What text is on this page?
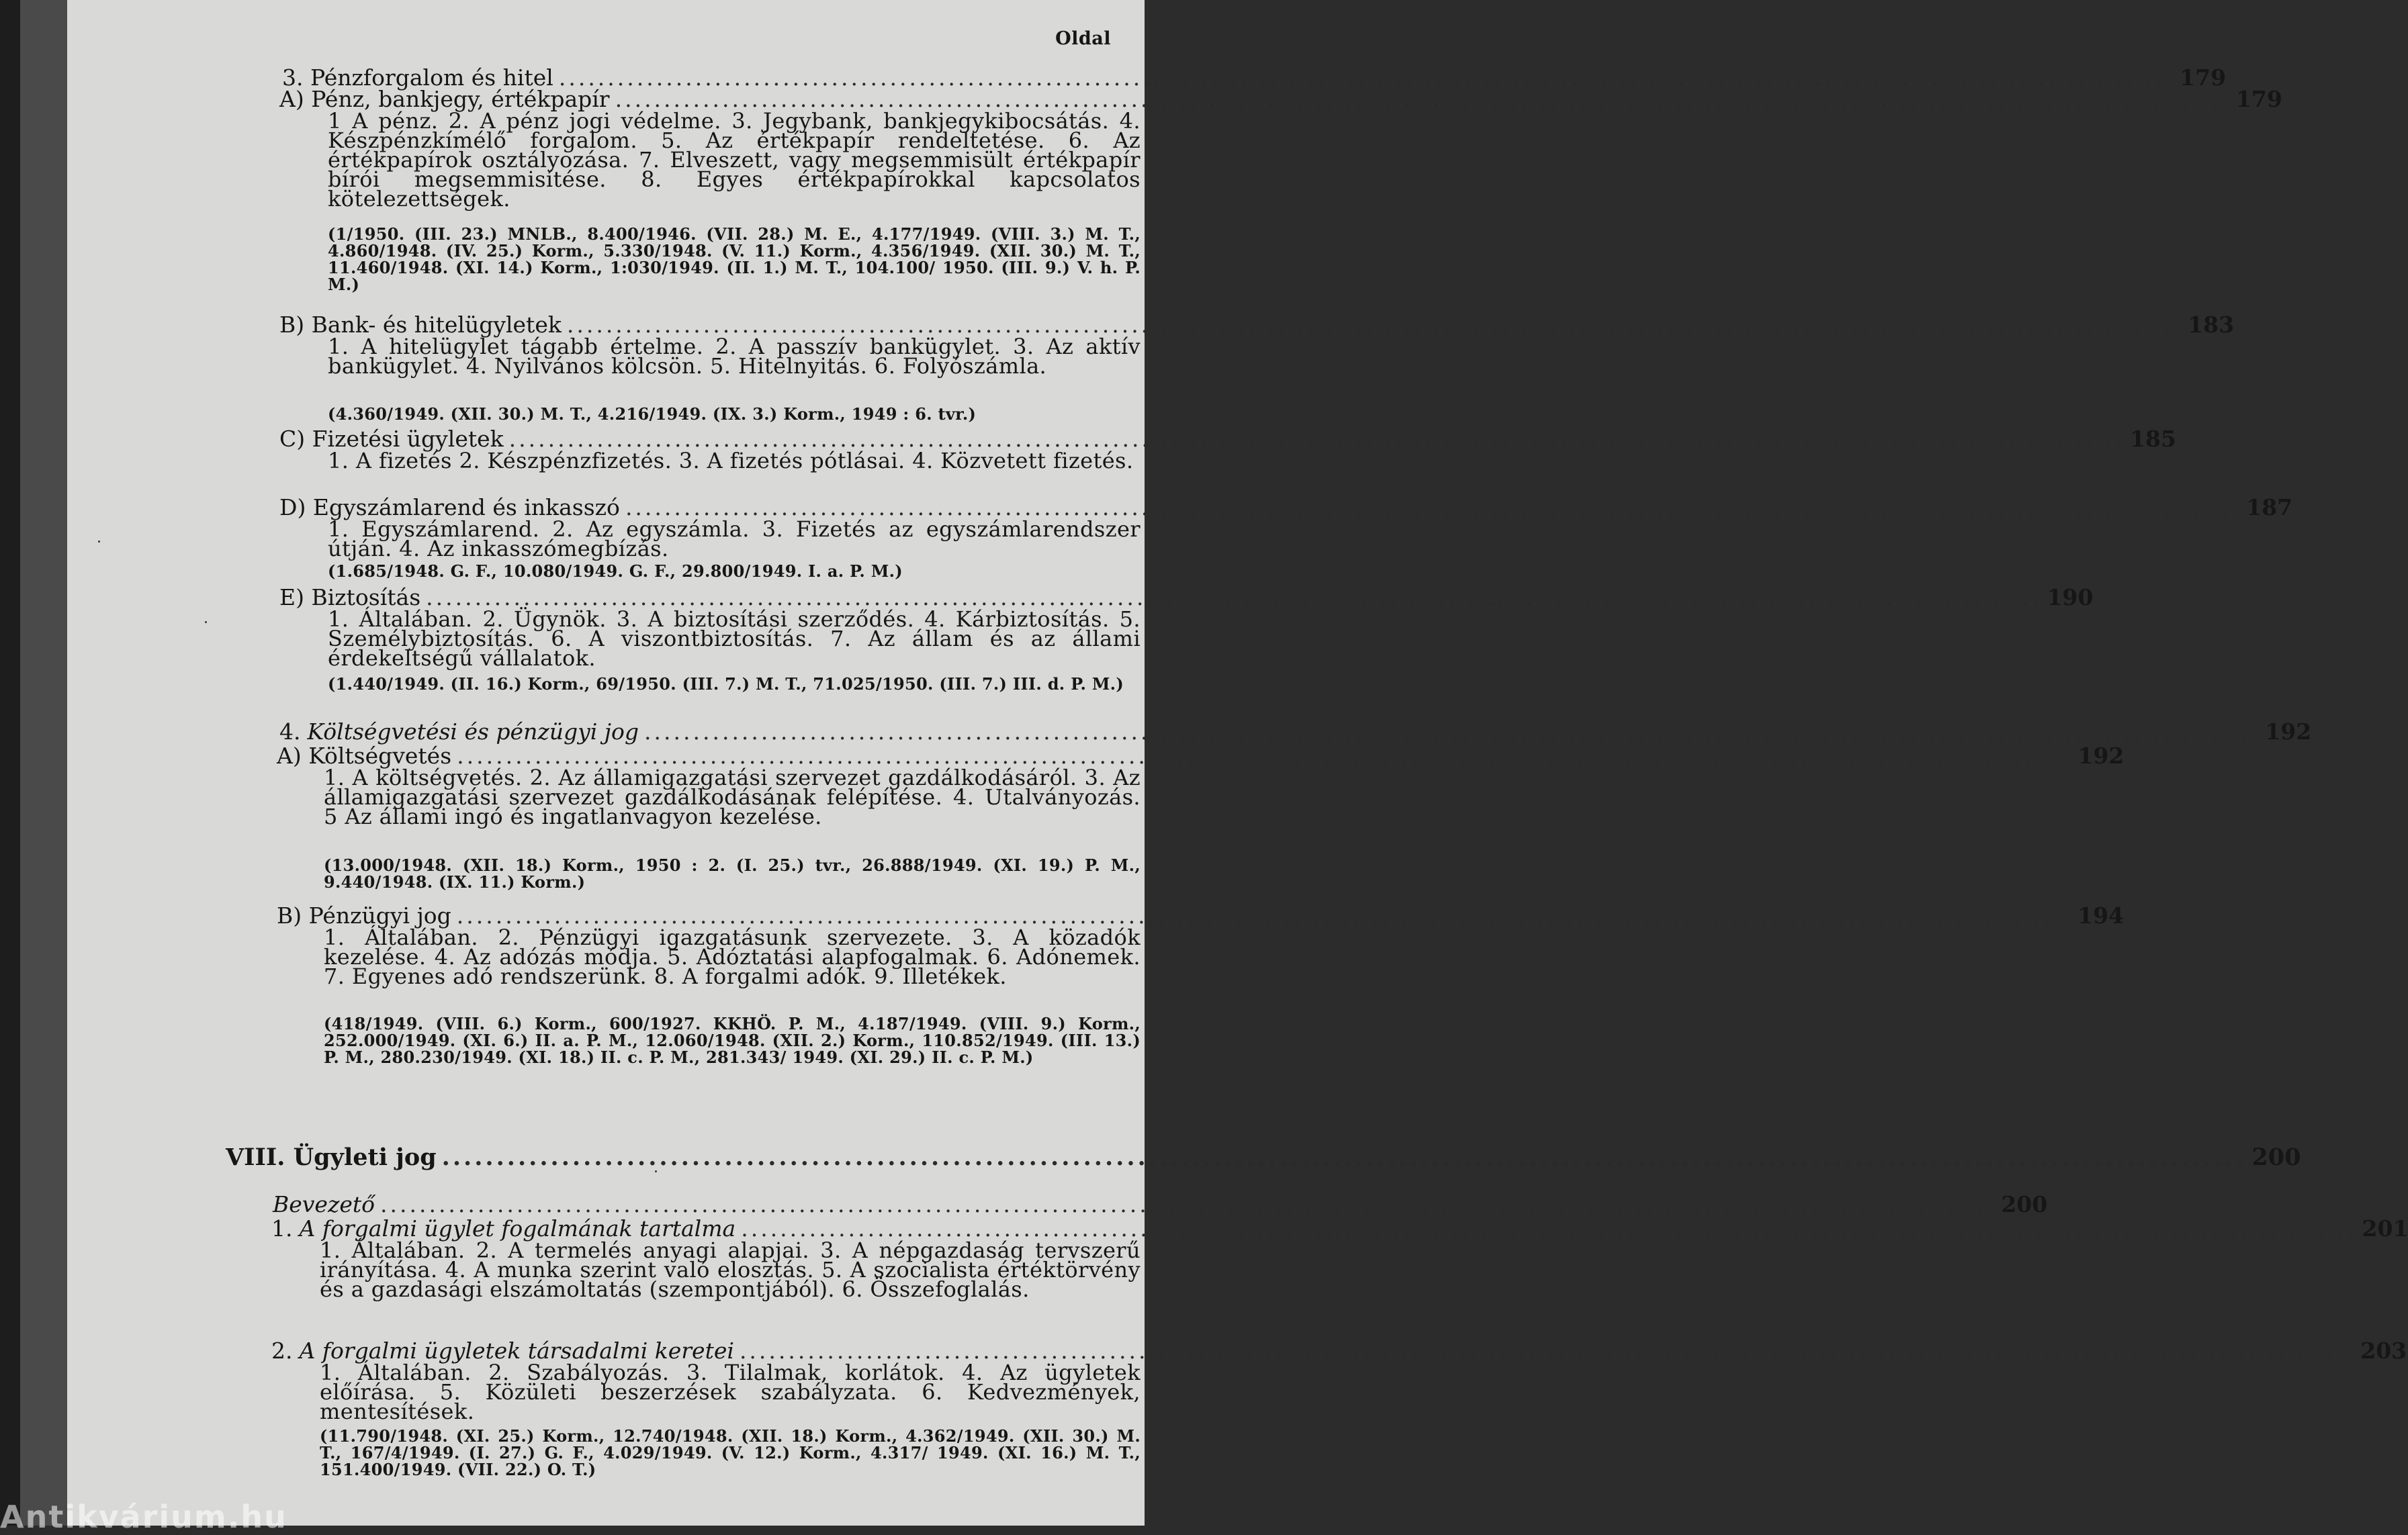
Oldal
3. Pénzforgalom és hitel .....	179
A) Pénz, bankjegy, értékpapír .....	179
1 A pénz. 2. A pénz jogi védelme. 3. Jegybank, bankjegykibocsátás. 4. Készpénzkímélő forgalom. 5. Az értékpapír rendeltetése. 6. Az értékpapírok osztályozása. 7. Elveszett, vagy megsemmisült értékpapír bírói megsemmisítése. 8. Egyes értékpapírokkal kapcsolatos kötelezettségek.
(1/1950. (III. 23.) MNLB., 8.400/1946. (VII. 28.) M. E., 4.177/1949. (VIII. 3.) M. T., 4.860/1948. (IV. 25.) Korm., 5.330/1948. (V. 11.) Korm., 4.356/1949. (XII. 30.) M. T., 11.460/1948. (XI. 14.) Korm., 1:030/1949. (II. 1.) M. T., 104.100/ 1950. (III. 9.) V. h. P. M.)
B) Bank- és hitelügyletek .....	183
1. A hitelügylet tágabb értelme. 2. A passzív bankügylet. 3. Az aktív bankügylet. 4. Nyilvános kölcsön. 5. Hitelnyitás. 6. Folyószámla.
(4.360/1949. (XII. 30.) M. T., 4.216/1949. (IX. 3.) Korm., 1949 : 6. tvr.)
C) Fizetési ügyletek .....	185
1. A fizetés 2. Készpénzfizetés. 3. A fizetés pótlásai. 4. Közvetett fizetés.
D) Egyszámlarend és inkasszó .....	187
1. Egyszámlarend. 2. Az egyszámla. 3. Fizetés az egyszámlarendszer útján. 4. Az inkasszómegbízás.
(1.685/1948. G. F., 10.080/1949. G. F., 29.800/1949. I. a. P. M.)
E) Biztosítás .....	190
1. Általában. 2. Ügynök. 3. A biztosítási szerződés. 4. Kárbiztosítás. 5. Személybiztosítás. 6. A viszontbiztosítás. 7. Az állam és az állami érdekeltségű vállalatok.
(1.440/1949. (II. 16.) Korm., 69/1950. (III. 7.) M. T., 71.025/1950. (III. 7.) III. d. P. M.)
4. Költségvetési és pénzügyi jog .....	192
A) Költségvetés .....	192
1. A költségvetés. 2. Az államigazgatási szervezet gazdálkodásáról. 3. Az államigazgatási szervezet gazdálkodásának felépítése. 4. Utalványozás. 5 Az állami ingó és ingatlanvagyon kezelése.
(13.000/1948. (XII. 18.) Korm., 1950 : 2. (I. 25.) tvr., 26.888/1949. (XI. 19.) P. M., 9.440/1948. (IX. 11.) Korm.)
B) Pénzügyi jog .....	194
1. Általában. 2. Pénzügyi igazgatásunk szervezete. 3. A közadók kezelése. 4. Az adózás módja. 5. Adóztatási alapfogalmak. 6. Adónemek. 7. Egyenes adó rendszerünk. 8. A forgalmi adók. 9. Illetékek.
(418/1949. (VIII. 6.) Korm., 600/1927. KKHÖ. P. M., 4.187/1949. (VIII. 9.) Korm., 252.000/1949. (XI. 6.) II. a. P. M., 12.060/1948. (XII. 2.) Korm., 110.852/1949. (III. 13.) P. M., 280.230/1949. (XI. 18.) II. c. P. M., 281.343/ 1949. (XI. 29.) II. c. P. M.)
VIII. Ügyleti jog .....	200
Bevezető .....	200
1. A forgalmi ügylet fogalmának tartalma .....	201
1. Általában. 2. A termelés anyagi alapjai. 3. A népgazdaság tervszerű irányítása. 4. A munka szerint való elosztás. 5. A szocialista értéktörvény és a gazdasági elszámoltatás (szempontjából). 6. Összefoglalás.
2. A forgalmi ügyletek társadalmi keretei .....	203
1. Általában. 2. Szabályozás. 3. Tilalmak, korlátok. 4. Az ügyletek előírása. 5. Közületi beszerzések szabályzata. 6. Kedvezmények, mentesítések.
(11.790/1948. (XI. 25.) Korm., 12.740/1948. (XII. 18.) Korm., 4.362/1949. (XII. 30.) M. T., 167/4/1949. (I. 27.) G. F., 4.029/1949. (V. 12.) Korm., 4.317/ 1949. (XI. 16.) M. T., 151.400/1949. (VII. 22.) O. T.)
Antikvárium.hu
